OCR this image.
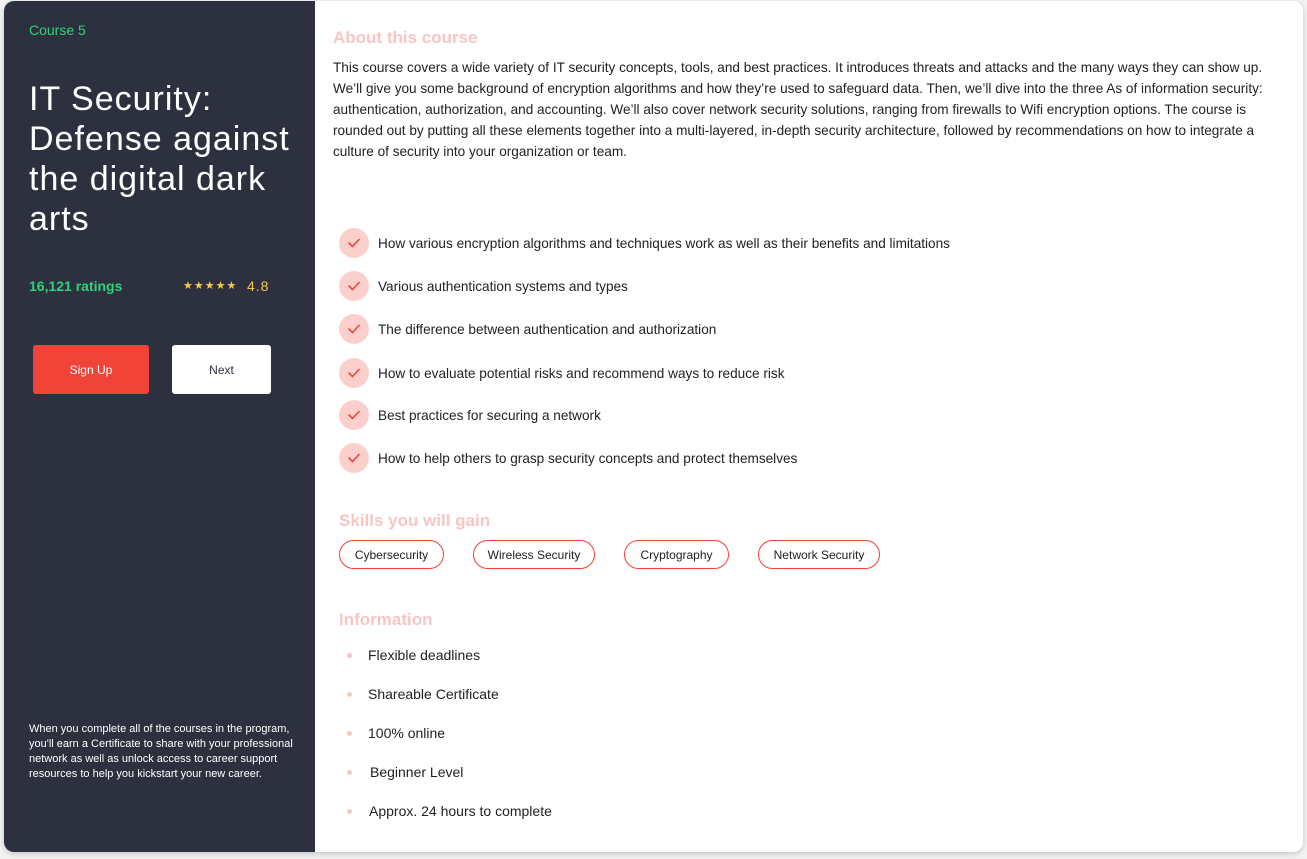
Course 5
IT Security: Defense against the digital dark arts
16,121 ratings	★★★★★ 4.8
Sign Up	Next

When you complete all of the courses in the program, you'll earn a Certificate to share with your professional network as well as unlock access to career support resources to help you kickstart your new career.

About this course

This course covers a wide variety of IT security concepts, tools, and best practices. It introduces threats and attacks and the many ways they can show up. We’ll give you some background of encryption algorithms and how they’re used to safeguard data. Then, we’ll dive into the three As of information security: authentication, authorization, and accounting. We’ll also cover network security solutions, ranging from firewalls to Wifi encryption options. The course is rounded out by putting all these elements together into a multi-layered, in-depth security architecture, followed by recommendations on how to integrate a culture of security into your organization or team.

How various encryption algorithms and techniques work as well as their benefits and limitations
Various authentication systems and types
The difference between authentication and authorization
How to evaluate potential risks and recommend ways to reduce risk
Best practices for securing a network
How to help others to grasp security concepts and protect themselves
Skills you will gain
Cybersecurity	Wireless Security	Cryptography	Network Security
Information
Flexible deadlines
Shareable Certificate
100% online
Beginner Level
Approx. 24 hours to complete
